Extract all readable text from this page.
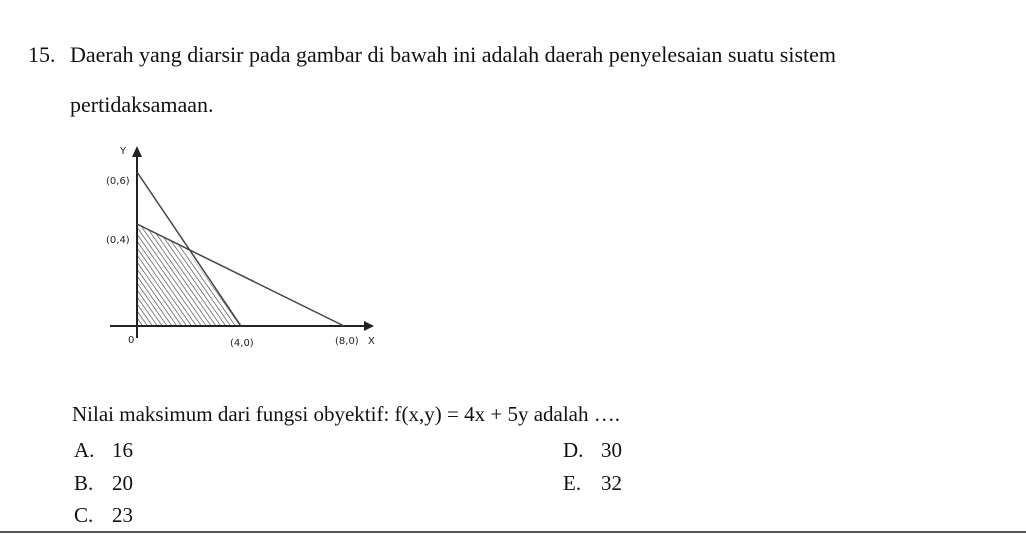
15. Daerah yang diarsir pada gambar di bawah ini adalah daerah penyelesaian suatu sistem
pertidaksamaan.
Y
X
0
(0,6)
(0,4)
(4,0)	(8,0)
Nilai maksimum dari fungsi obyektif: f(x,y) = 4x + 5y adalah ….
A. 16
B. 20
C. 23
D. 30
E. 32
